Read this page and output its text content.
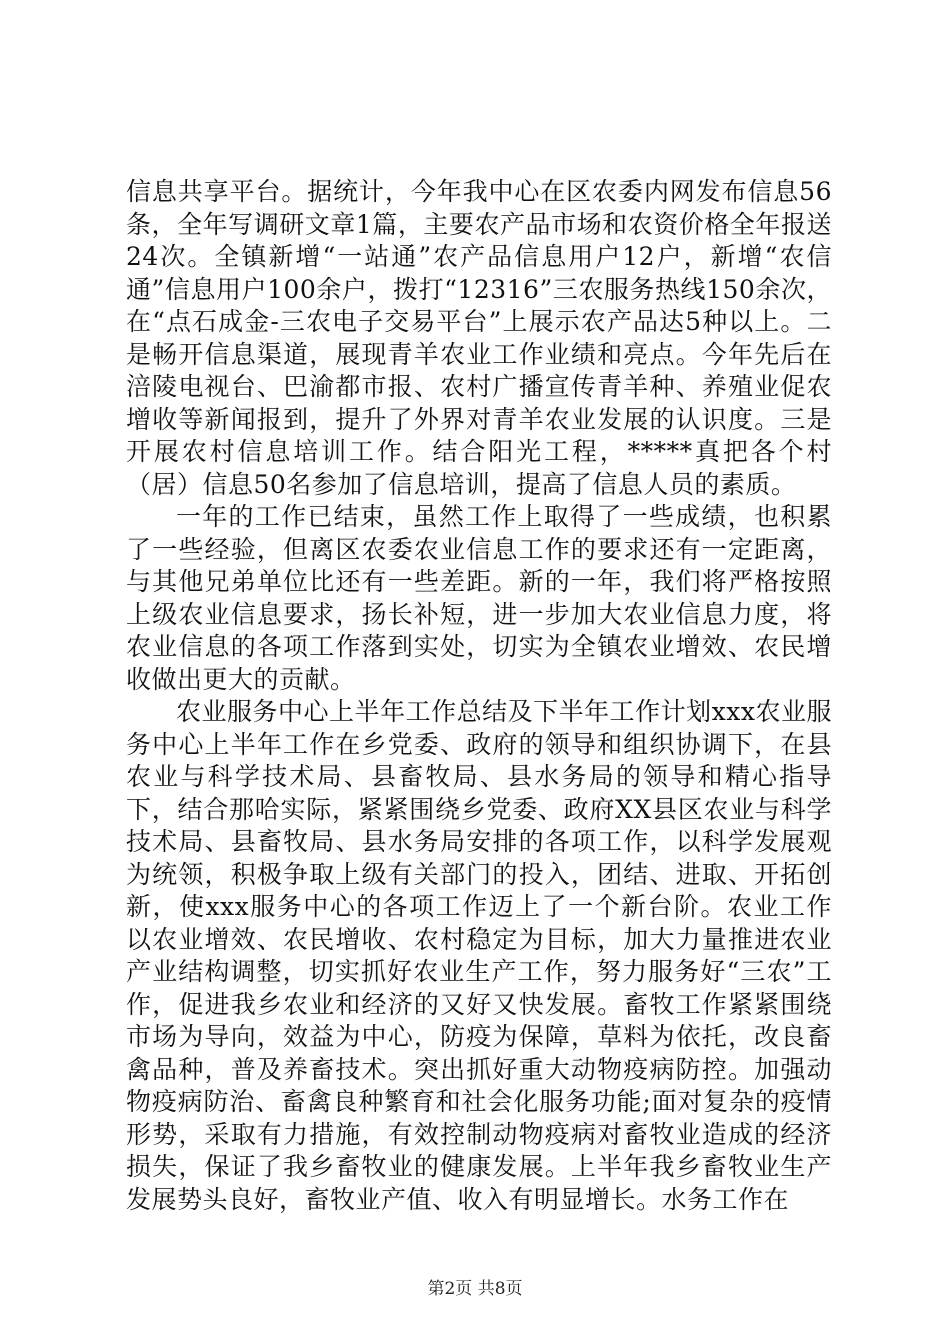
信息共享平台。据统计，今年我中心在区农委内网发布信息56条，全年写调研文章1篇，主要农产品市场和农资价格全年报送24次。全镇新增“一站通”农产品信息用户12户，新增“农信通”信息用户100余户，拨打“12316”三农服务热线150余次，在“点石成金-三农电子交易平台”上展示农产品达5种以上。二是畅开信息渠道，展现青羊农业工作业绩和亮点。今年先后在涪陵电视台、巴渝都市报、农村广播宣传青羊种、养殖业促农增收等新闻报到，提升了外界对青羊农业发展的认识度。三是开展农村信息培训工作。结合阳光工程，*****真把各个村（居）信息50名参加了信息培训，提高了信息人员的素质。

一年的工作已结束，虽然工作上取得了一些成绩，也积累了一些经验，但离区农委农业信息工作的要求还有一定距离，与其他兄弟单位比还有一些差距。新的一年，我们将严格按照上级农业信息要求，扬长补短，进一步加大农业信息力度，将农业信息的各项工作落到实处，切实为全镇农业增效、农民增收做出更大的贡献。

农业服务中心上半年工作总结及下半年工作计划xxx农业服务中心上半年工作在乡党委、政府的领导和组织协调下，在县农业与科学技术局、县畜牧局、县水务局的领导和精心指导下，结合那哈实际，紧紧围绕乡党委、政府XX县区农业与科学技术局、县畜牧局、县水务局安排的各项工作，以科学发展观为统领，积极争取上级有关部门的投入，团结、进取、开拓创新，使xxx服务中心的各项工作迈上了一个新台阶。农业工作以农业增效、农民增收、农村稳定为目标，加大力量推进农业产业结构调整，切实抓好农业生产工作，努力服务好“三农”工作，促进我乡农业和经济的又好又快发展。畜牧工作紧紧围绕市场为导向，效益为中心，防疫为保障，草料为依托，改良畜禽品种，普及养畜技术。突出抓好重大动物疫病防控。加强动物疫病防治、畜禽良种繁育和社会化服务功能;面对复杂的疫情形势，采取有力措施，有效控制动物疫病对畜牧业造成的经济损失，保证了我乡畜牧业的健康发展。上半年我乡畜牧业生产发展势头良好，畜牧业产值、收入有明显增长。水务工作在

第2页 共8页
